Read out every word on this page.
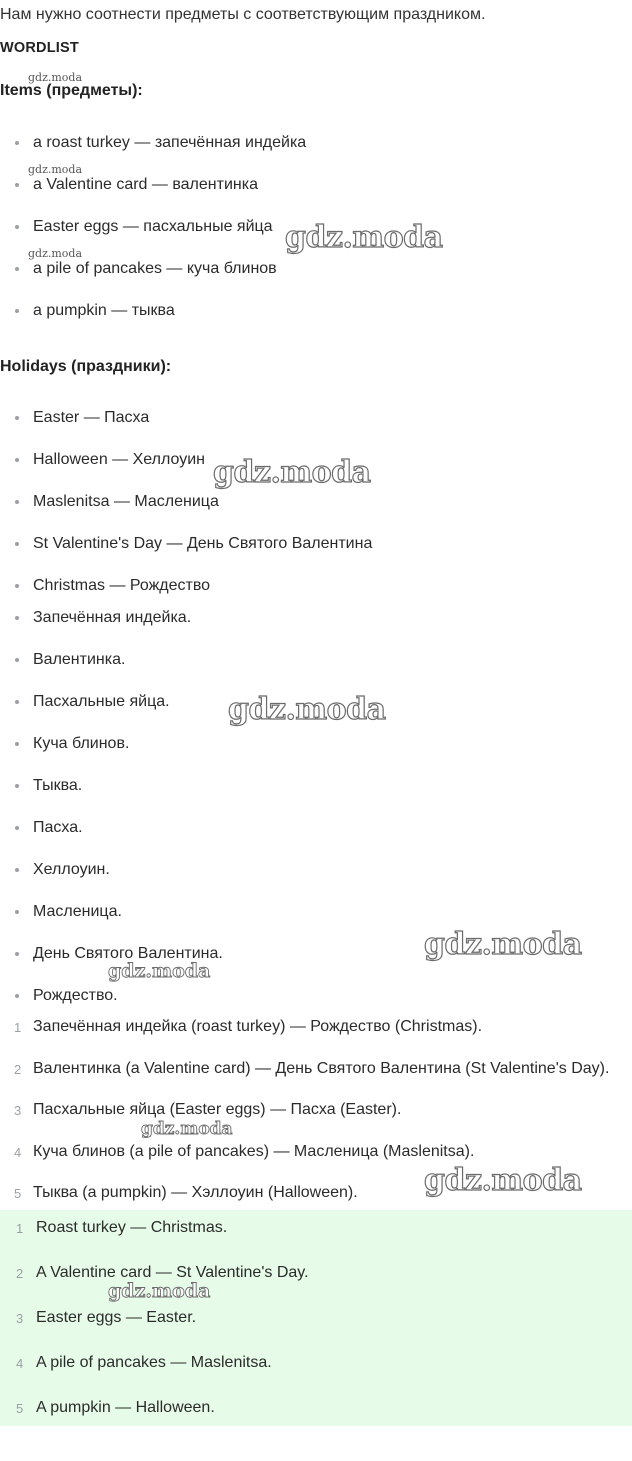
Нам нужно соотнести предметы с соответствующим праздником.
WORDLIST
gdz.moda
Items (предметы):
a roast turkey — запечённая индейка
a Valentine card — валентинка
Easter eggs — пасхальные яйца
a pile of pancakes — куча блинов
a pumpkin — тыква
gdz.moda
gdz.moda	gdz.moda
Holidays (праздники):
Easter — Пасха
Halloween — Хеллоуин
Maslenitsa — Масленица
St Valentine's Day — День Святого Валентина
Christmas — Рождество
gdz.moda
Запечённая индейка.
Валентинка.
Пасхальные яйца.
Куча блинов.
Тыква.
Пасха.
Хеллоуин.
Масленица.
День Святого Валентина.
Рождество.
gdz.moda
gdz.moda
gdz.moda
1 Запечённая индейка (roast turkey) — Рождество (Christmas).
2 Валентинка (a Valentine card) — День Святого Валентина (St Valentine's Day).
3 Пасхальные яйца (Easter eggs) — Пасха (Easter).
4 Куча блинов (a pile of pancakes) — Масленица (Maslenitsa).
5 Тыква (a pumpkin) — Хэллоуин (Halloween).
gdz.moda
gdz.moda
1 Roast turkey — Christmas.
2 A Valentine card — St Valentine's Day.
3 Easter eggs — Easter.
4 A pile of pancakes — Maslenitsa.
5 A pumpkin — Halloween.
gdz.moda
